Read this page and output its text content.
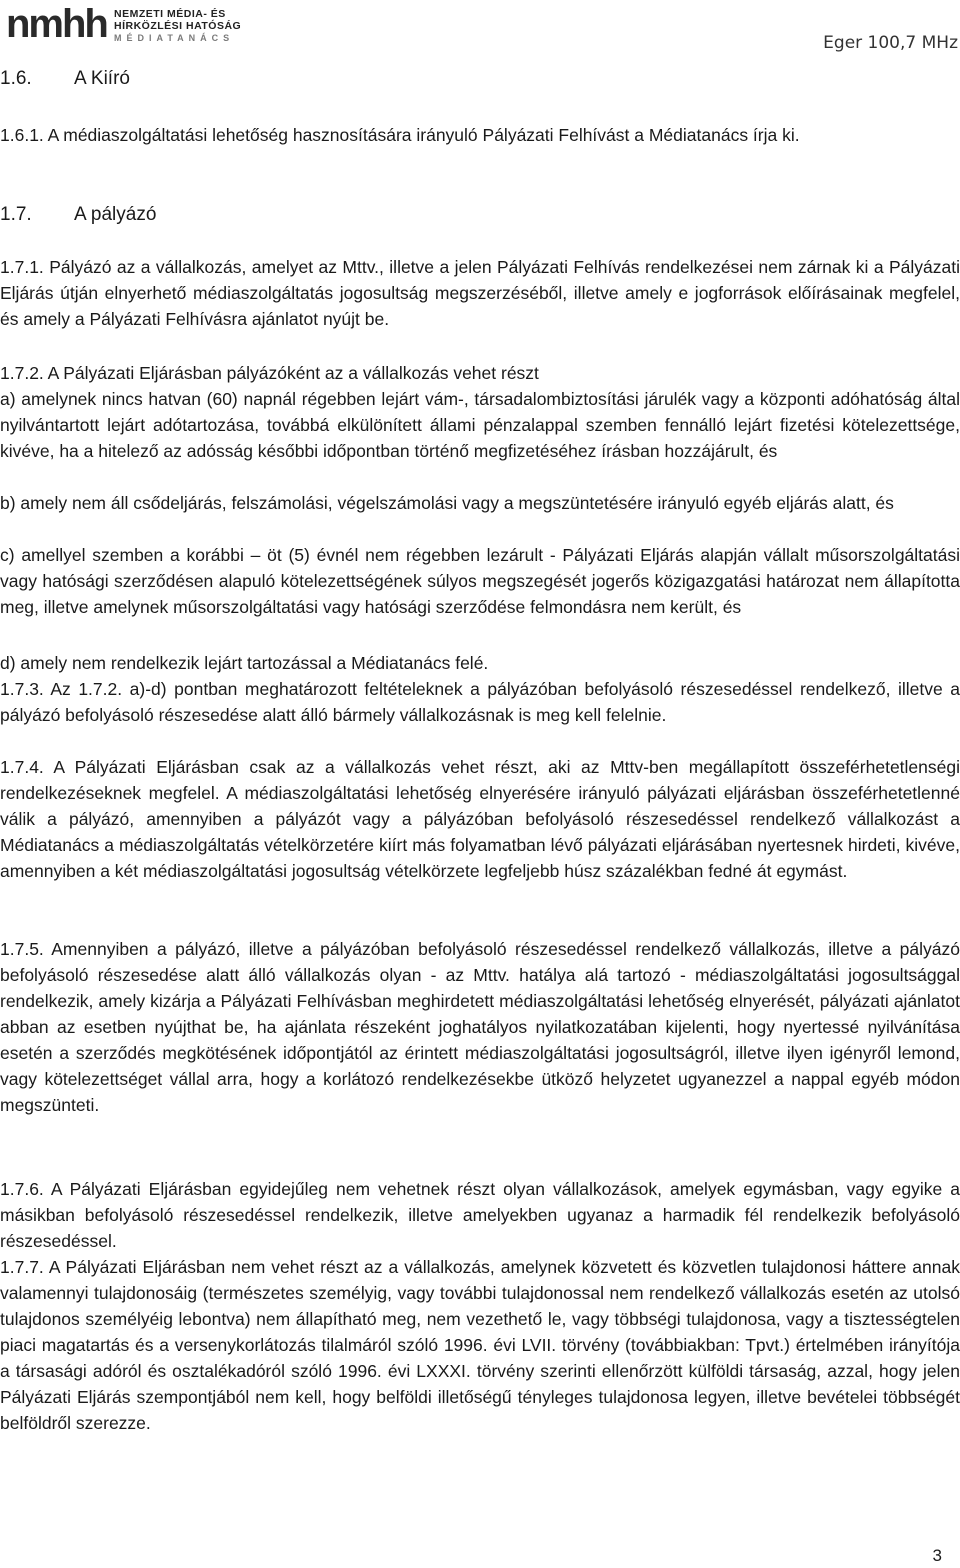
nmhh NEMZETI MÉDIA- ÉS
HÍRKÖZLÉSI HATÓSÁG
MÉDIATANÁCS	Eger 100,7 MHz
1.6. A Kiíró

1.6.1. A médiaszolgáltatási lehetőség hasznosítására irányuló Pályázati Felhívást a Médiatanács írja ki.

1.7. A pályázó

1.7.1. Pályázó az a vállalkozás, amelyet az Mttv., illetve a jelen Pályázati Felhívás rendelkezései nem zárnak ki a Pályázati Eljárás útján elnyerhető médiaszolgáltatás jogosultság megszerzéséből, illetve amely e jogforrások előírásainak megfelel, és amely a Pályázati Felhívásra ajánlatot nyújt be.

1.7.2. A Pályázati Eljárásban pályázóként az a vállalkozás vehet részt

a) amelynek nincs hatvan (60) napnál régebben lejárt vám-, társadalombiztosítási járulék vagy a központi adóhatóság által nyilvántartott lejárt adótartozása, továbbá elkülönített állami pénzalappal szemben fennálló lejárt fizetési kötelezettsége, kivéve, ha a hitelező az adósság későbbi időpontban történő megfizetéséhez írásban hozzájárult, és

b) amely nem áll csődeljárás, felszámolási, végelszámolási vagy a megszüntetésére irányuló egyéb eljárás alatt, és

c) amellyel szemben a korábbi – öt (5) évnél nem régebben lezárult - Pályázati Eljárás alapján vállalt műsorszolgáltatási vagy hatósági szerződésen alapuló kötelezettségének súlyos megszegését jogerős közigazgatási határozat nem állapította meg, illetve amelynek műsorszolgáltatási vagy hatósági szerződése felmondásra nem került, és

d) amely nem rendelkezik lejárt tartozással a Médiatanács felé.

1.7.3. Az 1.7.2. a)-d) pontban meghatározott feltételeknek a pályázóban befolyásoló részesedéssel rendelkező, illetve a pályázó befolyásoló részesedése alatt álló bármely vállalkozásnak is meg kell felelnie.

1.7.4. A Pályázati Eljárásban csak az a vállalkozás vehet részt, aki az Mttv-ben megállapított összeférhetetlenségi rendelkezéseknek megfelel. A médiaszolgáltatási lehetőség elnyerésére irányuló pályázati eljárásban összeférhetetlenné válik a pályázó, amennyiben a pályázót vagy a pályázóban befolyásoló részesedéssel rendelkező vállalkozást a Médiatanács a médiaszolgáltatás vételkörzetére kiírt más folyamatban lévő pályázati eljárásában nyertesnek hirdeti, kivéve, amennyiben a két médiaszolgáltatási jogosultság vételkörzete legfeljebb húsz százalékban fedné át egymást.

1.7.5. Amennyiben a pályázó, illetve a pályázóban befolyásoló részesedéssel rendelkező vállalkozás, illetve a pályázó befolyásoló részesedése alatt álló vállalkozás olyan - az Mttv. hatálya alá tartozó - médiaszolgáltatási jogosultsággal rendelkezik, amely kizárja a Pályázati Felhívásban meghirdetett médiaszolgáltatási lehetőség elnyerését, pályázati ajánlatot abban az esetben nyújthat be, ha ajánlata részeként joghatályos nyilatkozatában kijelenti, hogy nyertessé nyilvánítása esetén a szerződés megkötésének időpontjától az érintett médiaszolgáltatási jogosultságról, illetve ilyen igényről lemond, vagy kötelezettséget vállal arra, hogy a korlátozó rendelkezésekbe ütköző helyzetet ugyanezzel a nappal egyéb módon megszünteti.

1.7.6. A Pályázati Eljárásban egyidejűleg nem vehetnek részt olyan vállalkozások, amelyek egymásban, vagy egyike a másikban befolyásoló részesedéssel rendelkezik, illetve amelyekben ugyanaz a harmadik fél rendelkezik befolyásoló részesedéssel.

1.7.7. A Pályázati Eljárásban nem vehet részt az a vállalkozás, amelynek közvetett és közvetlen tulajdonosi háttere annak valamennyi tulajdonosáig (természetes személyig, vagy további tulajdonossal nem rendelkező vállalkozás esetén az utolsó tulajdonos személyéig lebontva) nem állapítható meg, nem vezethető le, vagy többségi tulajdonosa, vagy a tisztességtelen piaci magatartás és a versenykorlátozás tilalmáról szóló 1996. évi LVII. törvény (továbbiakban: Tpvt.) értelmében irányítója a társasági adóról és osztalékadóról szóló 1996. évi LXXXI. törvény szerinti ellenőrzött külföldi társaság, azzal, hogy jelen Pályázati Eljárás szempontjából nem kell, hogy belföldi illetőségű tényleges tulajdonosa legyen, illetve bevételei többségét belföldről szerezze.

3
